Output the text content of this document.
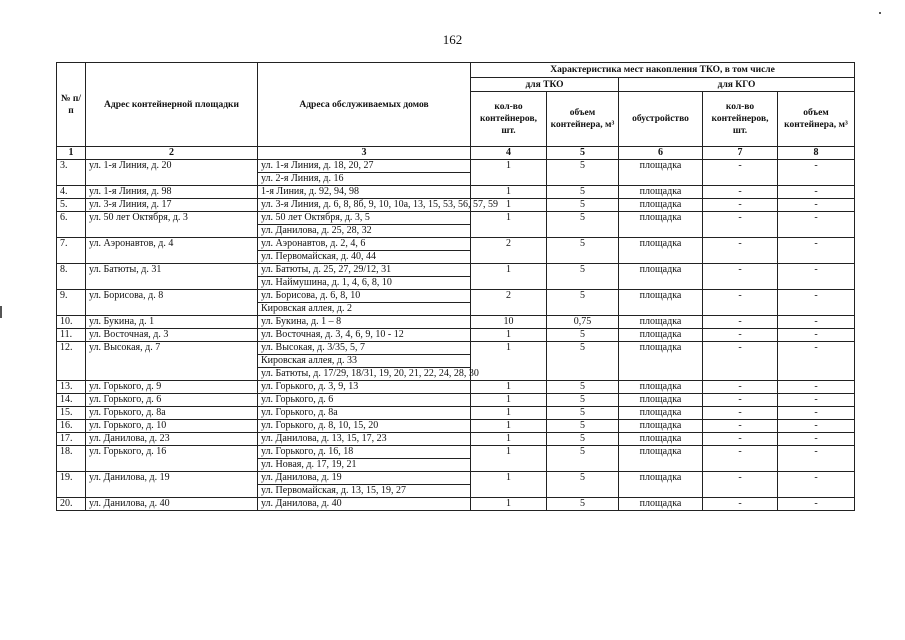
162
№ п/п	Адрес контейнерной площадки	Адреса обслуживаемых домов	Характеристика мест накопления ТКО, в том числе				
			для ТКО		для КГО		
			кол-во контейнеров, шт.	объем контейнера, м³	обустройство	кол-во контейнеров, шт.	объем контейнера, м³
1	2	3	4	5	6	7	8
3.	ул. 1-я Линия, д. 20	ул. 1-я Линия, д. 18, 20, 27	1	5	площадка	-	-
		ул. 2-я Линия, д. 16					
4.	ул. 1-я Линия, д. 98	1-я Линия, д. 92, 94, 98	1	5	площадка	-	-
5.	ул. 3-я Линия, д. 17	ул. 3-я Линия, д. 6, 8, 8б, 9, 10, 10а, 13, 15, 53, 56, 57, 59	1	5	площадка	-	-
6.	ул. 50 лет Октября, д. 3	ул. 50 лет Октября, д. 3, 5	1	5	площадка	-	-
		ул. Данилова, д. 25, 28, 32					
7.	ул. Аэронавтов, д. 4	ул. Аэронавтов, д. 2, 4, 6	2	5	площадка	-	-
		ул. Первомайская, д. 40, 44					
8.	ул. Батюты, д. 31	ул. Батюты, д. 25, 27, 29/12, 31	1	5	площадка	-	-
		ул. Наймушина, д. 1, 4, 6, 8, 10					
9.	ул. Борисова, д. 8	ул. Борисова, д. 6, 8, 10	2	5	площадка	-	-
		Кировская аллея, д. 2					
10.	ул. Букина, д. 1	ул. Букина, д. 1 – 8	10	0,75	площадка	-	-
11.	ул. Восточная, д. 3	ул. Восточная, д. 3, 4, 6, 9, 10 - 12	1	5	площадка	-	-
12.	ул. Высокая, д. 7	ул. Высокая, д. 3/35, 5, 7	1	5	площадка	-	-
		Кировская аллея, д. 33					
		ул. Батюты, д. 17/29, 18/31, 19, 20, 21, 22, 24, 28, 30					
13.	ул. Горького, д. 9	ул. Горького, д. 3, 9, 13	1	5	площадка	-	-
14.	ул. Горького, д. 6	ул. Горького, д. 6	1	5	площадка	-	-
15.	ул. Горького, д. 8а	ул. Горького, д. 8а	1	5	площадка	-	-
16.	ул. Горького, д. 10	ул. Горького, д. 8, 10, 15, 20	1	5	площадка	-	-
17.	ул. Данилова, д. 23	ул. Данилова, д. 13, 15, 17, 23	1	5	площадка	-	-
18.	ул. Горького, д. 16	ул. Горького, д. 16, 18	1	5	площадка	-	-
		ул. Новая, д. 17, 19, 21					
19.	ул. Данилова, д. 19	ул. Данилова, д. 19	1	5	площадка	-	-
		ул. Первомайская, д. 13, 15, 19, 27					
20.	ул. Данилова, д. 40	ул. Данилова, д. 40	1	5	площадка	-	-
